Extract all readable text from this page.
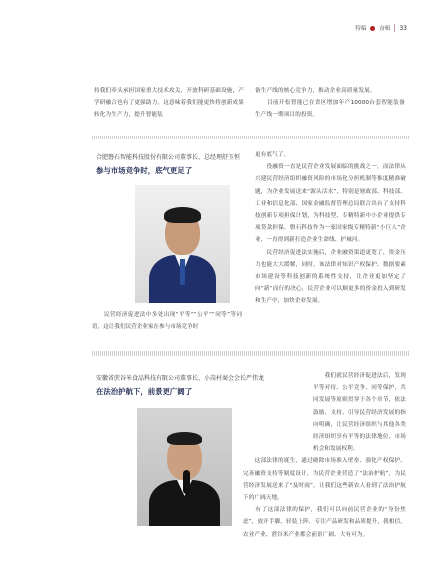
特稿 奋楫 33

持我们牵头承担国家重大技术攻关，开放科研基础设施，产学研融合也有了更强助力，这意味着我们能更快将创新成果转化为生产力，提升智能装

备生产线的核心竞争力，推动企业高质量发展。
　　目前开松智能已在省区增加年产10000台套智能装备生产线一期项目的投资。

合肥磐石智能科技股份有限公司董事长、总经理舒玉恒
参与市场竞争时，底气更足了
　　民营经济促进法中多处出现“平等”“公平”“同等”等词语，这让我们民营企业家在参与市场竞争时

更有底气了。

　　役融资一直是民营企业发展面临的挑战之一，而法律从兴建民营经济组织融资风险的市场化分担机制等推度精准破题，为企业发展送来“源头活水”，特别是财政部、科技部、工业和信息化部、国家金融监督管理总局联合出台了支持科技创新专项担保计划，为科技型、专精特新中小企业提供专项贷款担保，磐石科技作为一家国家级专精特新“小巨人”企业，一直得到新打造企业生命线、护城河。

　　民营经济促进法实施后，企业融资渠道更宽了，资金压力也能大大缓解，同时，该法律对知识产权保护、数据要素市场建设等科技创新的系统性支持，让企业更加坚定了向“新”而行的决心，民营企业可以顺更多的资金投入到研发和生产中，加快企业发展。

安徽省蔗谷米食品科技有限公司董事长、小岗村商会会长严伟龙
在法治护航下，前景更广阔了

　　我们就民营经济促进法后，发现平等对待、公平竞争、同等保护、共同发展等原则贯穿于各个章节，依法鼓励、支持、引导民营经济发展的指向明确，让民营经济组织与其他各类经济组织享有平等的法律地位、市场机会和发展权利。

　　这部法律的诞生，通过破除市场准入壁垒、强化产权保护、完善融资支持等制度设计，为民营企业营造了“法治护航”，为民营经济发展送来了“及时雨”，让我们这些新农人看到了法治护航下的广阔天地。

　　有了这部法律的保护，我们可以向前民营企业的“身份焦虑”，放开手脚，轻装上阵，专注产品研发和品质提升，我相信，农业产业、蔗谷米产业都会前景广阔、大有可为。
